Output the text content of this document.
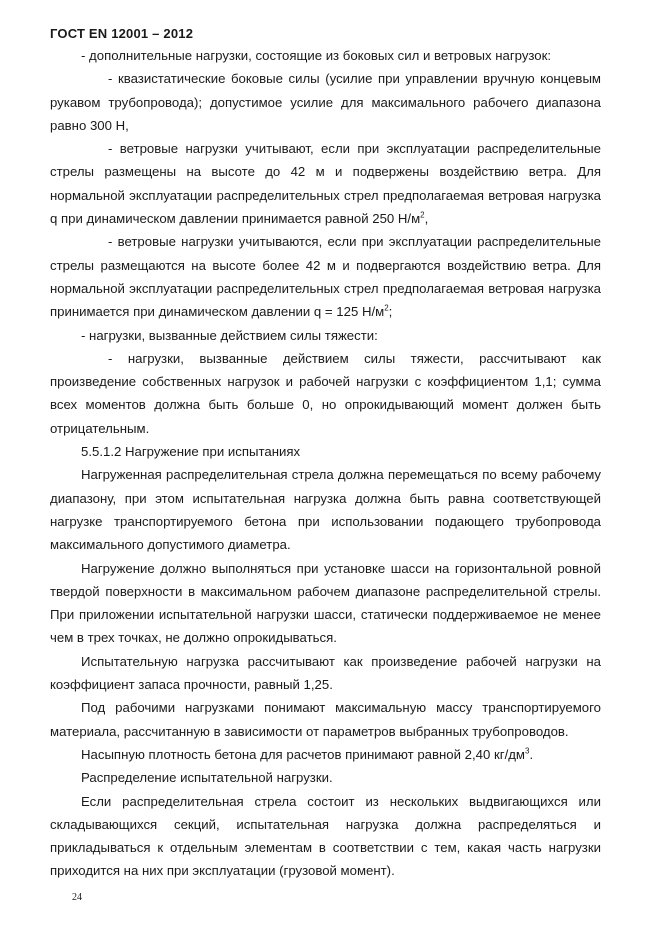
ГОСТ EN 12001 – 2012

- дополнительные нагрузки, состоящие из боковых сил и ветровых нагрузок:

- квазистатические боковые силы (усилие при управлении вручную концевым рукавом трубопровода); допустимое усилие для максимального рабочего диапазона равно 300 Н,

- ветровые нагрузки учитывают, если при эксплуатации распределительные стрелы размещены на высоте до 42 м и подвержены воздействию ветра. Для нормальной эксплуатации распределительных стрел предполагаемая ветровая нагрузка q при динамическом давлении принимается равной 250 $Н/м^2$,

- ветровые нагрузки учитываются, если при эксплуатации распределительные стрелы размещаются на высоте более 42 м и подвергаются воздействию ветра. Для нормальной эксплуатации распределительных стрел предполагаемая ветровая нагрузка принимается при динамическом давлении q = 125 $Н/м^2$;

- нагрузки, вызванные действием силы тяжести:

- нагрузки, вызванные действием силы тяжести, рассчитывают как произведение собственных нагрузок и рабочей нагрузки с коэффициентом 1,1; сумма всех моментов должна быть больше 0, но опрокидывающий момент должен быть отрицательным.

5.5.1.2 Нагружение при испытаниях

Нагруженная распределительная стрела должна перемещаться по всему рабочему диапазону, при этом испытательная нагрузка должна быть равна соответствующей нагрузке транспортируемого бетона при использовании подающего трубопровода максимального допустимого диаметра.

Нагружение должно выполняться при установке шасси на горизонтальной ровной твердой поверхности в максимальном рабочем диапазоне распределительной стрелы. При приложении испытательной нагрузки шасси, статически поддерживаемое не менее чем в трех точках, не должно опрокидываться.

Испытательную нагрузка рассчитывают как произведение рабочей нагрузки на коэффициент запаса прочности, равный 1,25.

Под рабочими нагрузками понимают максимальную массу транспортируемого материала, рассчитанную в зависимости от параметров выбранных трубопроводов.

Насыпную плотность бетона для расчетов принимают равной 2,40 $кг/дм^3$.

Распределение испытательной нагрузки.

Если распределительная стрела состоит из нескольких выдвигающихся или складывающихся секций, испытательная нагрузка должна распределяться и прикладываться к отдельным элементам в соответствии с тем, какая часть нагрузки приходится на них при эксплуатации (грузовой момент).

24
